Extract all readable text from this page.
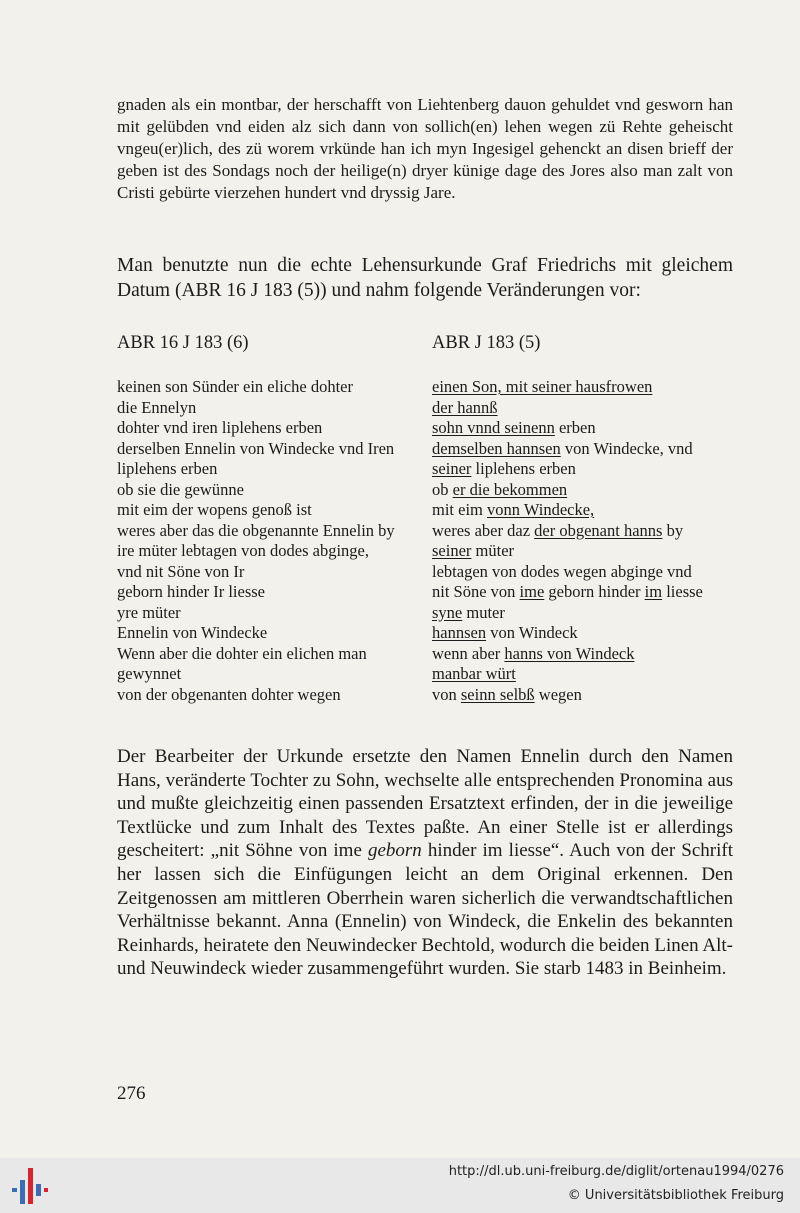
gnaden als ein montbar, der herschafft von Liehtenberg dauon gehuldet vnd gesworn han mit gelübden vnd eiden alz sich dann von sollich(en) lehen wegen zü Rehte geheischt vngeu(er)lich, des zü worem vrkünde han ich myn Ingesigel gehenckt an disen brieff der geben ist des Sondags noch der heilige(n) dryer künige dage des Jores also man zalt von Cristi gebürte vierzehen hundert vnd dryssig Jare.

Man benutzte nun die echte Lehensurkunde Graf Friedrichs mit gleichem Datum (ABR 16 J 183 (5)) und nahm folgende Veränderungen vor:

ABR 16 J 183 (6)	ABR J 183 (5)
keinen son Sünder ein eliche dohter	einen Son, mit seiner hausfrowen
die Ennelyn	der hannß
dohter vnd iren liplehens erben	sohn vnnd seinenn erben
derselben Ennelin von Windecke vnd Iren	demselben hannsen von Windecke, vnd
liplehens erben	seiner liplehens erben
ob sie die gewünne	ob er die bekommen
mit eim der wopens genoß ist	mit eim vonn Windecke,
weres aber das die obgenannte Ennelin by	weres aber daz der obgenant hanns by
ire müter lebtagen von dodes abginge,	seiner müter
vnd nit Söne von Ir	lebtagen von dodes wegen abginge vnd
geborn hinder Ir liesse	nit Söne von ime geborn hinder im liesse
yre müter	syne muter
Ennelin von Windecke	hannsen von Windeck
Wenn aber die dohter ein elichen man	wenn aber hanns von Windeck
gewynnet	manbar würt
von der obgenanten dohter wegen	von seinn selbß wegen

Der Bearbeiter der Urkunde ersetzte den Namen Ennelin durch den Namen Hans, veränderte Tochter zu Sohn, wechselte alle entsprechenden Pronomina aus und mußte gleichzeitig einen passenden Ersatztext erfinden, der in die jeweilige Textlücke und zum Inhalt des Textes paßte. An einer Stelle ist er allerdings gescheitert: „nit Söhne von ime geborn hinder im liesse“. Auch von der Schrift her lassen sich die Einfügungen leicht an dem Original erkennen. Den Zeitgenossen am mittleren Oberrhein waren sicherlich die verwandtschaftlichen Verhältnisse bekannt. Anna (Ennelin) von Windeck, die Enkelin des bekannten Reinhards, heiratete den Neuwindecker Bechtold, wodurch die beiden Linen Alt- und Neuwindeck wieder zusammengeführt wurden. Sie starb 1483 in Beinheim.

276
http://dl.ub.uni-freiburg.de/diglit/ortenau1994/0276
© Universitätsbibliothek Freiburg
